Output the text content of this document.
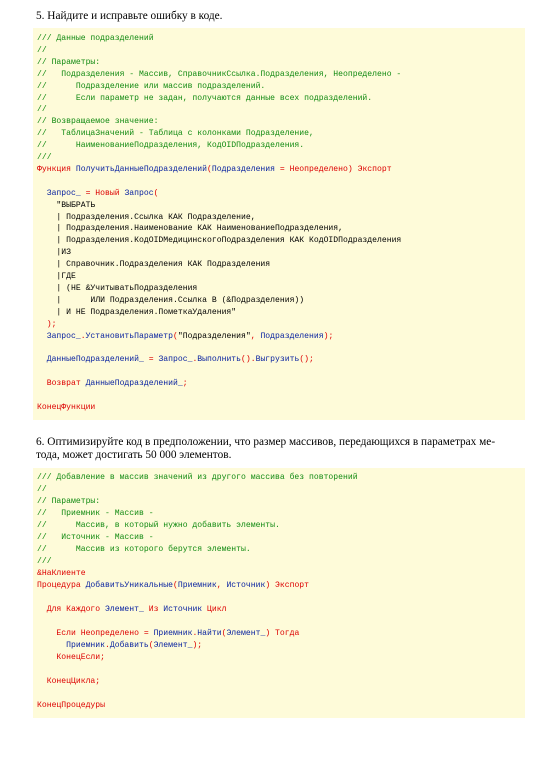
5. Найдите и исправьте ошибку в коде.
/// Данные подразделений
//
// Параметры:
//   Подразделения - Массив, СправочникСсылка.Подразделения, Неопределено -
//      Подразделение или массив подразделений.
//      Если параметр не задан, получаются данные всех подразделений.
//
// Возвращаемое значение:
//   ТаблицаЗначений - Таблица с колонками Подразделение,
//      НаименованиеПодразделения, КодOIDПодразделения.
///
Функция ПолучитьДанныеПодразделений(Подразделения = Неопределено) Экспорт
Запрос_ = Новый Запрос(
"ВЫБРАТЬ
| Подразделения.Ссылка КАК Подразделение,
| Подразделения.Наименование КАК НаименованиеПодразделения,
| Подразделения.КодOIDМедицинскогоПодразделения КАК КодOIDПодразделения
|ИЗ
| Справочник.Подразделения КАК Подразделения
|ГДЕ
| (НЕ &УчитыватьПодразделения
|      ИЛИ Подразделения.Ссылка В (&Подразделения))
| И НЕ Подразделения.ПометкаУдаления"
);
Запрос_.УстановитьПараметр("Подразделения", Подразделения);
ДанныеПодразделений_ = Запрос_.Выполнить().Выгрузить();
Возврат ДанныеПодразделений_;
КонецФункции
6. Оптимизируйте код в предположении, что размер массивов, передающихся в параметрах ме-
тода, может достигать 50 000 элементов.
/// Добавление в массив значений из другого массива без повторений
//
// Параметры:
//   Приемник - Массив -
//      Массив, в который нужно добавить элементы.
//   Источник - Массив -
//      Массив из которого берутся элементы.
///
&НаКлиенте
Процедура ДобавитьУникальные(Приемник, Источник) Экспорт
Для Каждого Элемент_ Из Источник Цикл
Если Неопределено = Приемник.Найти(Элемент_) Тогда
Приемник.Добавить(Элемент_);
КонецЕсли;
КонецЦикла;
КонецПроцедуры
